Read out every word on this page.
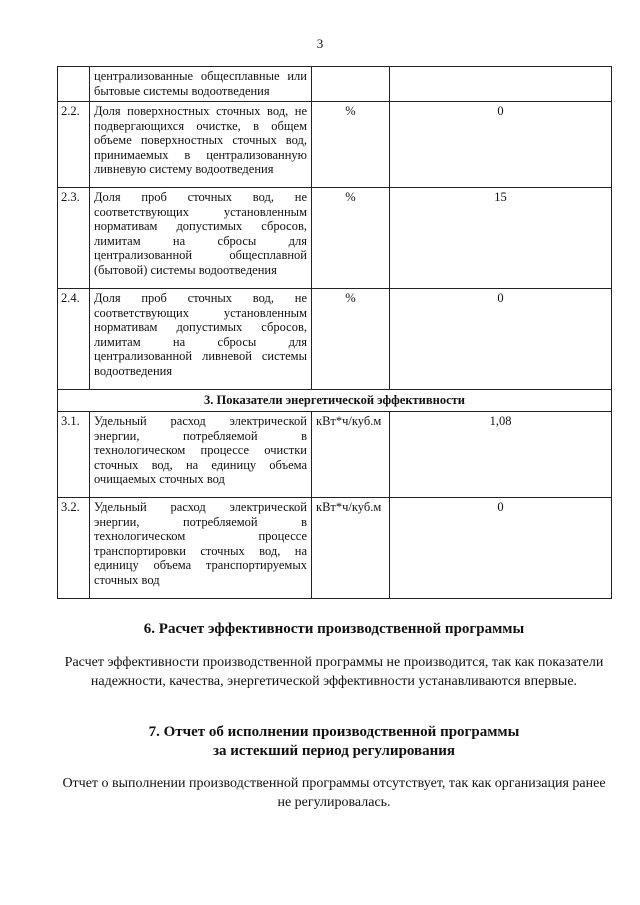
3
	централизованные общесплавные или бытовые системы водоотведения		
2.2.	Доля поверхностных сточных вод, не подвергающихся очистке, в общем объеме поверхностных сточных вод, принимаемых в централизованную ливневую систему водоотведения	%	0
2.3.	Доля проб сточных вод, не соответствующих установленным нормативам допустимых сбросов, лимитам на сбросы для централизованной общесплавной (бытовой) системы водоотведения	%	15
2.4.	Доля проб сточных вод, не соответствующих установленным нормативам допустимых сбросов, лимитам на сбросы для централизованной ливневой системы водоотведения	%	0
3. Показатели энергетической эффективности			
3.1.	Удельный расход электрической энергии, потребляемой в технологическом процессе очистки сточных вод, на единицу объема очищаемых сточных вод	кВт*ч/куб.м	1,08
3.2.	Удельный расход электрической энергии, потребляемой в технологическом процессе транспортировки сточных вод, на единицу объема транспортируемых сточных вод	кВт*ч/куб.м	0
6. Расчет эффективности производственной программы
Расчет эффективности производственной программы не производится, так как показатели надежности, качества, энергетической эффективности устанавливаются впервые.
7. Отчет об исполнении производственной программы
за истекший период регулирования
Отчет о выполнении производственной программы отсутствует, так как организация ранее не регулировалась.
